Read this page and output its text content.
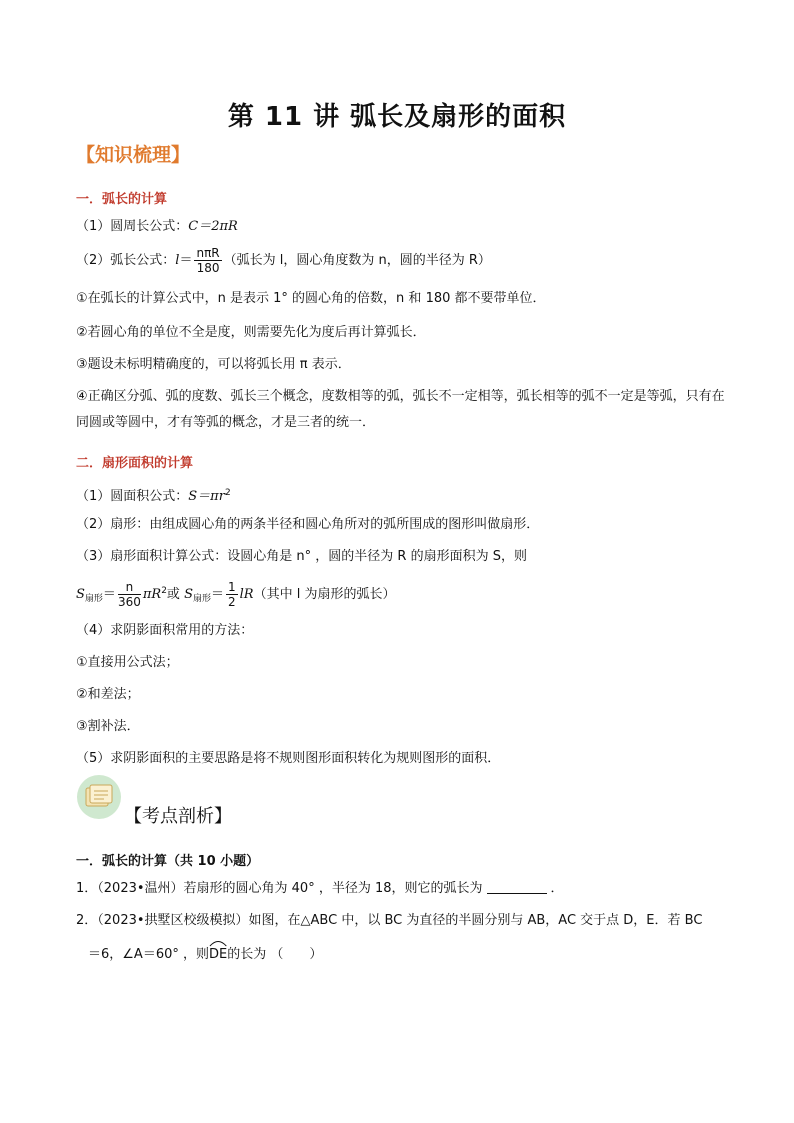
第 11 讲 弧长及扇形的面积
【知识梳理】
一．弧长的计算
（1）圆周长公式：C＝2πR
（2）弧长公式：$l= \frac{\text{nπR}}{180}$ （弧长为 l，圆心角度数为 n，圆的半径为 R）
①在弧长的计算公式中，n 是表示 1° 的圆心角的倍数，n 和 180 都不要带单位．
②若圆心角的单位不全是度，则需要先化为度后再计算弧长．
③题设未标明精确度的，可以将弧长用 π 表示．
④正确区分弧、弧的度数、弧长三个概念，度数相等的弧，弧长不一定相等，弧长相等的弧不一定是等弧，只有在同圆或等圆中，才有等弧的概念，才是三者的统一．
二．扇形面积的计算
（1）圆面积公式：$S=\pi r^2$
（2）扇形：由组成圆心角的两条半径和圆心角所对的弧所围成的图形叫做扇形．
（3）扇形面积计算公式：设圆心角是 n° ，圆的半径为 R 的扇形面积为 S，则
$S_{扇形}= \frac{n}{360} \pi R^2$或 $S_{扇形}= \frac{1}{2} lR$（其中 l 为扇形的弧长）
（4）求阴影面积常用的方法：
①直接用公式法；
②和差法；
③割补法．
（5）求阴影面积的主要思路是将不规则图形面积转化为规则图形的面积．
【考点剖析】
一．弧长的计算（共 10 小题）
1．（2023•温州）若扇形的圆心角为 40° ，半径为 18，则它的弧长为	．
2．（2023•拱墅区校级模拟）如图，在△ABC 中，以 BC 为直径的半圆分别与 AB，AC 交于点 D，E．若 BC
＝6，∠A＝60° ，则
DE的长为 （　　）
